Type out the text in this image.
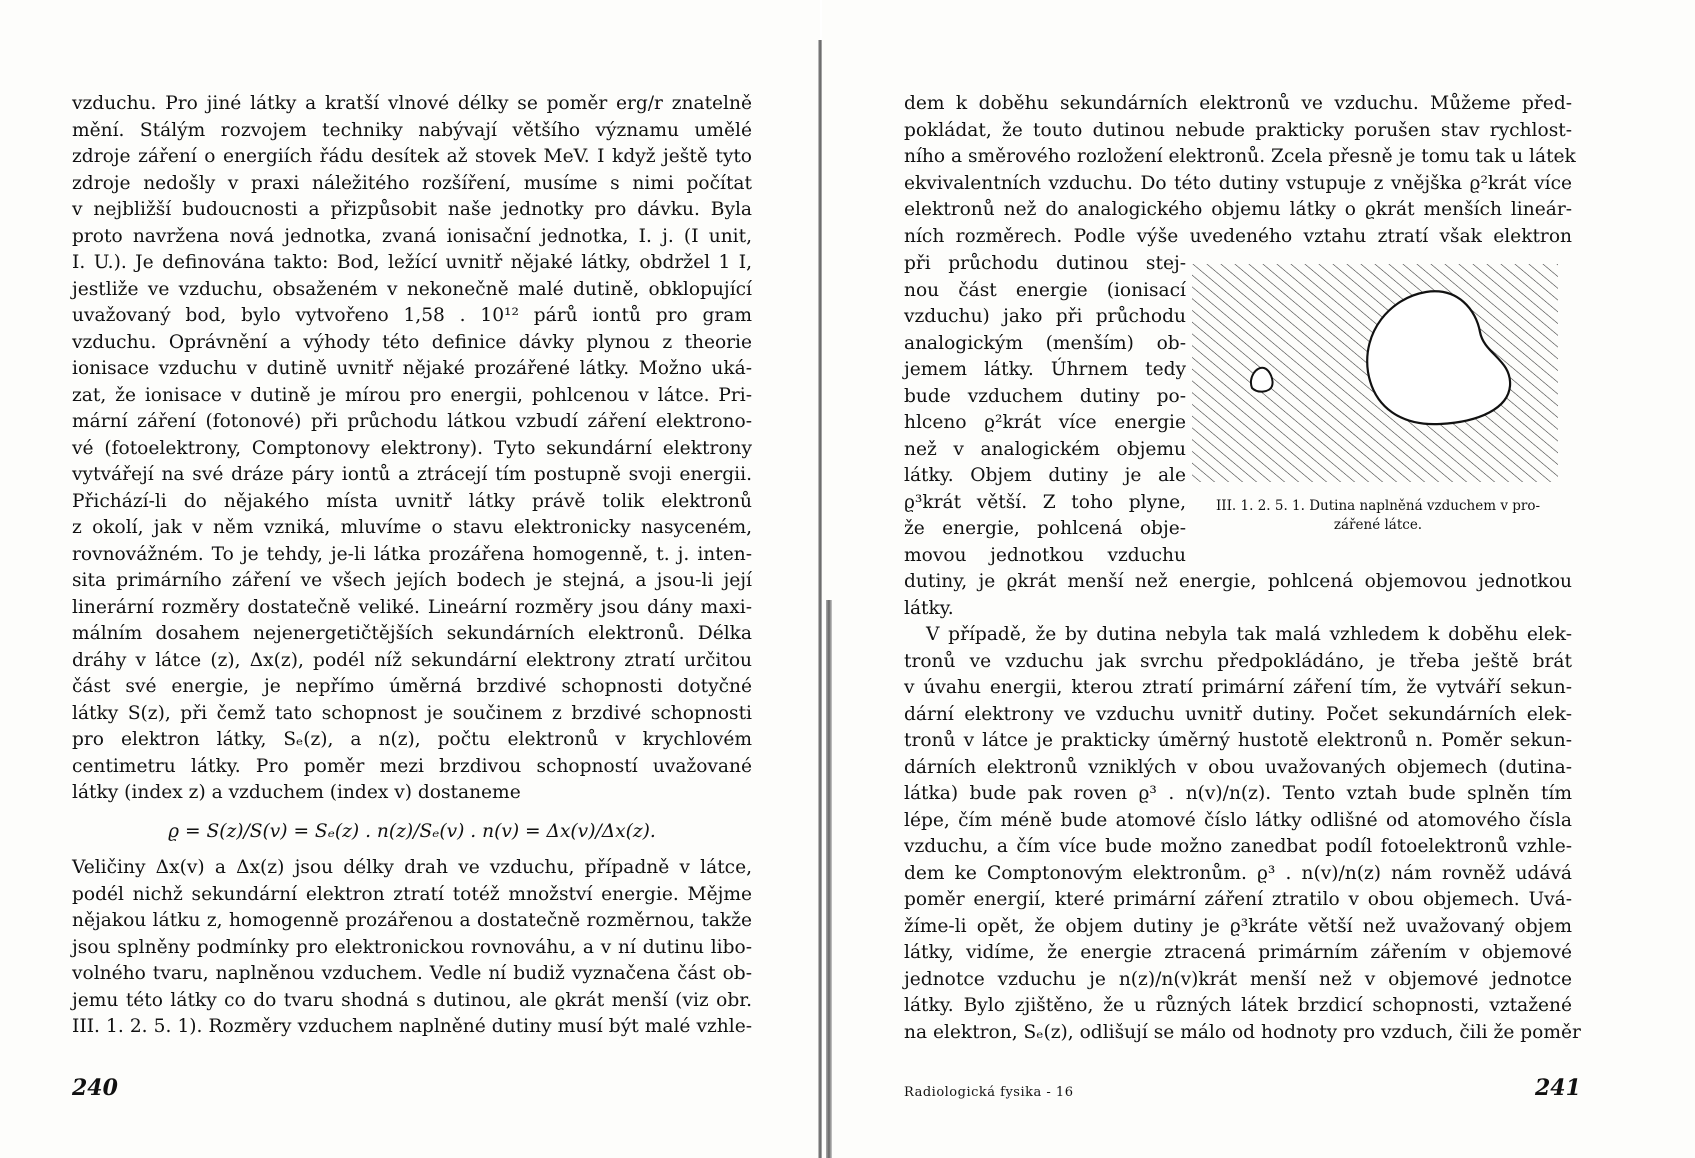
vzduchu. Pro jiné látky a kratší vlnové délky se poměr erg/r znatelně
mění. Stálým rozvojem techniky nabývají většího významu umělé
zdroje záření o energiích řádu desítek až stovek MeV. I když ještě tyto
zdroje nedošly v praxi náležitého rozšíření, musíme s nimi počítat
v nejbližší budoucnosti a přizpůsobit naše jednotky pro dávku. Byla
proto navržena nová jednotka, zvaná ionisační jednotka, I. j. (I unit,
I. U.). Je definována takto: Bod, ležící uvnitř nějaké látky, obdržel 1 I,
jestliže ve vzduchu, obsaženém v nekonečně malé dutině, obklopující
uvažovaný bod, bylo vytvořeno 1,58 . 10¹² párů iontů pro gram
vzduchu. Oprávnění a výhody této definice dávky plynou z theorie
ionisace vzduchu v dutině uvnitř nějaké prozářené látky. Možno uká-
zat, že ionisace v dutině je mírou pro energii, pohlcenou v látce. Pri-
mární záření (fotonové) při průchodu látkou vzbudí záření elektrono-
vé (fotoelektrony, Comptonovy elektrony). Tyto sekundární elektrony
vytvářejí na své dráze páry iontů a ztrácejí tím postupně svoji energii.
Přichází-li do nějakého místa uvnitř látky právě tolik elektronů
z okolí, jak v něm vzniká, mluvíme o stavu elektronicky nasyceném,
rovnovážném. To je tehdy, je-li látka prozářena homogenně, t. j. inten-
sita primárního záření ve všech jejích bodech je stejná, a jsou-li její
linerární rozměry dostatečně veliké. Lineární rozměry jsou dány maxi-
málním dosahem nejenergetičtějších sekundárních elektronů. Délka
dráhy v látce (z), Δx(z), podél níž sekundární elektrony ztratí určitou
část své energie, je nepřímo úměrná brzdivé schopnosti dotyčné
látky S(z), při čemž tato schopnost je součinem z brzdivé schopnosti
pro elektron látky, Sₑ(z), a n(z), počtu elektronů v krychlovém
centimetru látky. Pro poměr mezi brzdivou schopností uvažované
látky (index z) a vzduchem (index v) dostaneme
ϱ = S(z)/S(v) = Sₑ(z) . n(z)/Sₑ(v) . n(v) = Δx(v)/Δx(z).
Veličiny Δx(v) a Δx(z) jsou délky drah ve vzduchu, případně v látce,
podél nichž sekundární elektron ztratí totéž množství energie. Mějme
nějakou látku z, homogenně prozářenou a dostatečně rozměrnou, takže
jsou splněny podmínky pro elektronickou rovnováhu, a v ní dutinu libo-
volného tvaru, naplněnou vzduchem. Vedle ní budiž vyznačena část ob-
jemu této látky co do tvaru shodná s dutinou, ale ϱkrát menší (viz obr.
III. 1. 2. 5. 1). Rozměry vzduchem naplněné dutiny musí být malé vzhle-
240
dem k doběhu sekundárních elektronů ve vzduchu. Můžeme před-
pokládat, že touto dutinou nebude prakticky porušen stav rychlost-
ního a směrového rozložení elektronů. Zcela přesně je tomu tak u látek
ekvivalentních vzduchu. Do této dutiny vstupuje z vnějška ϱ²krát více
elektronů než do analogického objemu látky o ϱkrát menších lineár-
ních rozměrech. Podle výše uvedeného vztahu ztratí však elektron
při průchodu dutinou stej-
nou část energie (ionisací
vzduchu) jako při průchodu
analogickým (menším) ob-
jemem látky. Úhrnem tedy
bude vzduchem dutiny po-
hlceno ϱ²krát více energie
než v analogickém objemu
látky. Objem dutiny je ale
ϱ³krát větší. Z toho plyne,
že energie, pohlcená obje-
movou jednotkou vzduchu
dutiny, je ϱkrát menší než energie, pohlcená objemovou jednotkou
látky.
V případě, že by dutina nebyla tak malá vzhledem k doběhu elek-
tronů ve vzduchu jak svrchu předpokládáno, je třeba ještě brát
v úvahu energii, kterou ztratí primární záření tím, že vytváří sekun-
dární elektrony ve vzduchu uvnitř dutiny. Počet sekundárních elek-
tronů v látce je prakticky úměrný hustotě elektronů n. Poměr sekun-
dárních elektronů vzniklých v obou uvažovaných objemech (dutina-
látka) bude pak roven ϱ³ . n(v)/n(z). Tento vztah bude splněn tím
lépe, čím méně bude atomové číslo látky odlišné od atomového čísla
vzduchu, a čím více bude možno zanedbat podíl fotoelektronů vzhle-
dem ke Comptonovým elektronům. ϱ³ . n(v)/n(z) nám rovněž udává
poměr energií, které primární záření ztratilo v obou objemech. Uvá-
žíme-li opět, že objem dutiny je ϱ³kráte větší než uvažovaný objem
látky, vidíme, že energie ztracená primárním zářením v objemové
jednotce vzduchu je n(z)/n(v)krát menší než v objemové jednotce
látky. Bylo zjištěno, že u různých látek brzdicí schopnosti, vztažené
na elektron, Sₑ(z), odlišují se málo od hodnoty pro vzduch, čili že poměr
III. 1. 2. 5. 1. Dutina naplněná vzduchem v pro-
zářené látce.
Radiologická fysika - 16	241
